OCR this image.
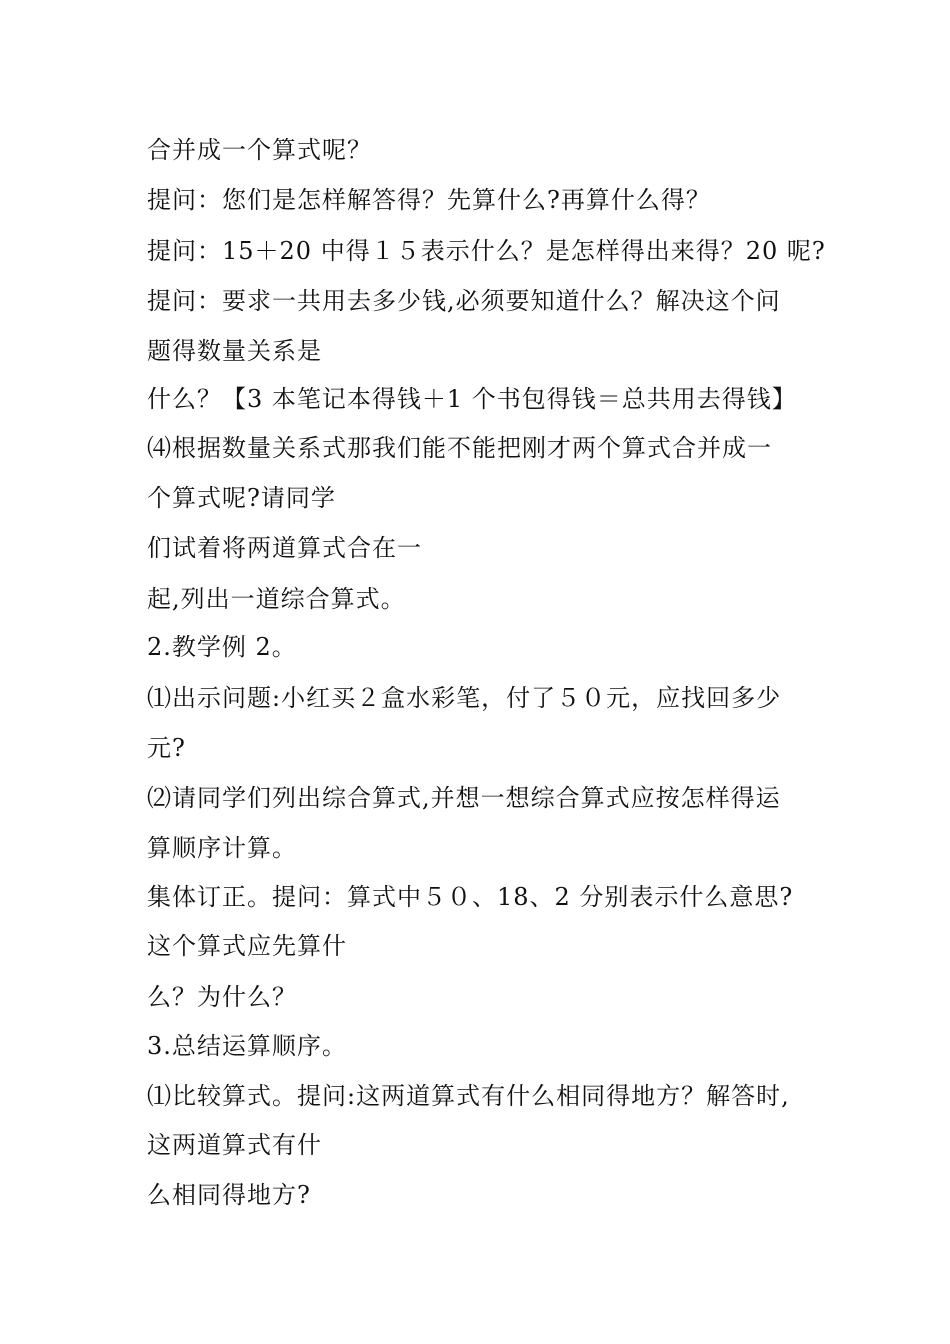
合并成一个算式呢？
提问：您们是怎样解答得？先算什么?再算什么得？
提问：15＋20 中得１５表示什么？是怎样得出来得？20 呢?
提问：要求一共用去多少钱,必须要知道什么？解决这个问
题得数量关系是
什么？【3 本笔记本得钱＋1 个书包得钱＝总共用去得钱】
⑷根据数量关系式那我们能不能把刚才两个算式合并成一
个算式呢?请同学
们试着将两道算式合在一
起,列出一道综合算式。
2.教学例 2。
⑴出示问题:小红买２盒水彩笔，付了５０元，应找回多少
元?
⑵请同学们列出综合算式,并想一想综合算式应按怎样得运
算顺序计算。
集体订正。提问：算式中５０、18、2 分别表示什么意思?
这个算式应先算什
么？为什么？
3.总结运算顺序。
⑴比较算式。提问:这两道算式有什么相同得地方？解答时,
这两道算式有什
么相同得地方?
